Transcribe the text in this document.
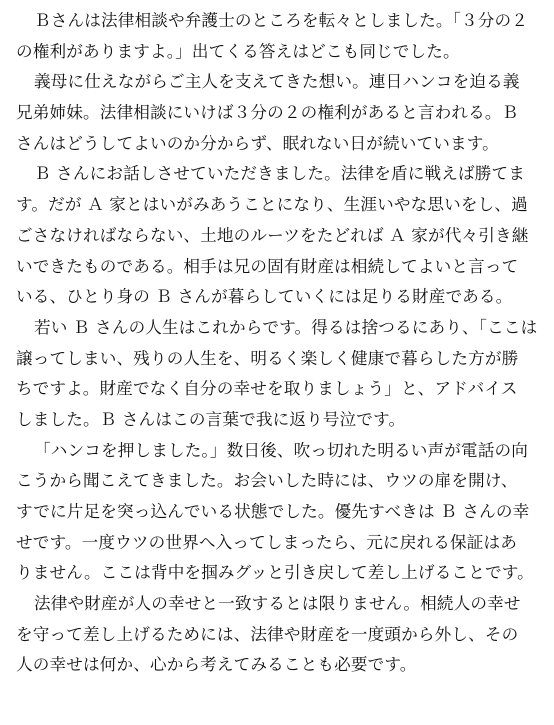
Ｂさんは法律相談や弁護士のところを転々としました。「３分の２
の権利がありますよ。」出てくる答えはどこも同じでした。
義母に仕えながらご主人を支えてきた想い。連日ハンコを迫る義
兄弟姉妹。法律相談にいけば３分の２の権利があると言われる。Ｂ
さんはどうしてよいのか分からず、眠れない日が続いています。
Ｂ さんにお話しさせていただきました。法律を盾に戦えば勝てま
す。だが Ａ 家とはいがみあうことになり、生涯いやな思いをし、過
ごさなければならない、土地のルーツをたどれば Ａ 家が代々引き継
いできたものである。相手は兄の固有財産は相続してよいと言って
いる、ひとり身の Ｂ さんが暮らしていくには足りる財産である。
若い Ｂ さんの人生はこれからです。得るは捨つるにあり、「ここは
譲ってしまい、残りの人生を、明るく楽しく健康で暮らした方が勝
ちですよ。財産でなく自分の幸せを取りましょう」と、アドバイス
しました。Ｂ さんはこの言葉で我に返り号泣です。
「ハンコを押しました。」数日後、吹っ切れた明るい声が電話の向
こうから聞こえてきました。お会いした時には、ウツの扉を開け、
すでに片足を突っ込んでいる状態でした。優先すべきは Ｂ さんの幸
せです。一度ウツの世界へ入ってしまったら、元に戻れる保証はあ
りません。ここは背中を掴みグッと引き戻して差し上げることです。
法律や財産が人の幸せと一致するとは限りません。相続人の幸せ
を守って差し上げるためには、法律や財産を一度頭から外し、その
人の幸せは何か、心から考えてみることも必要です。
